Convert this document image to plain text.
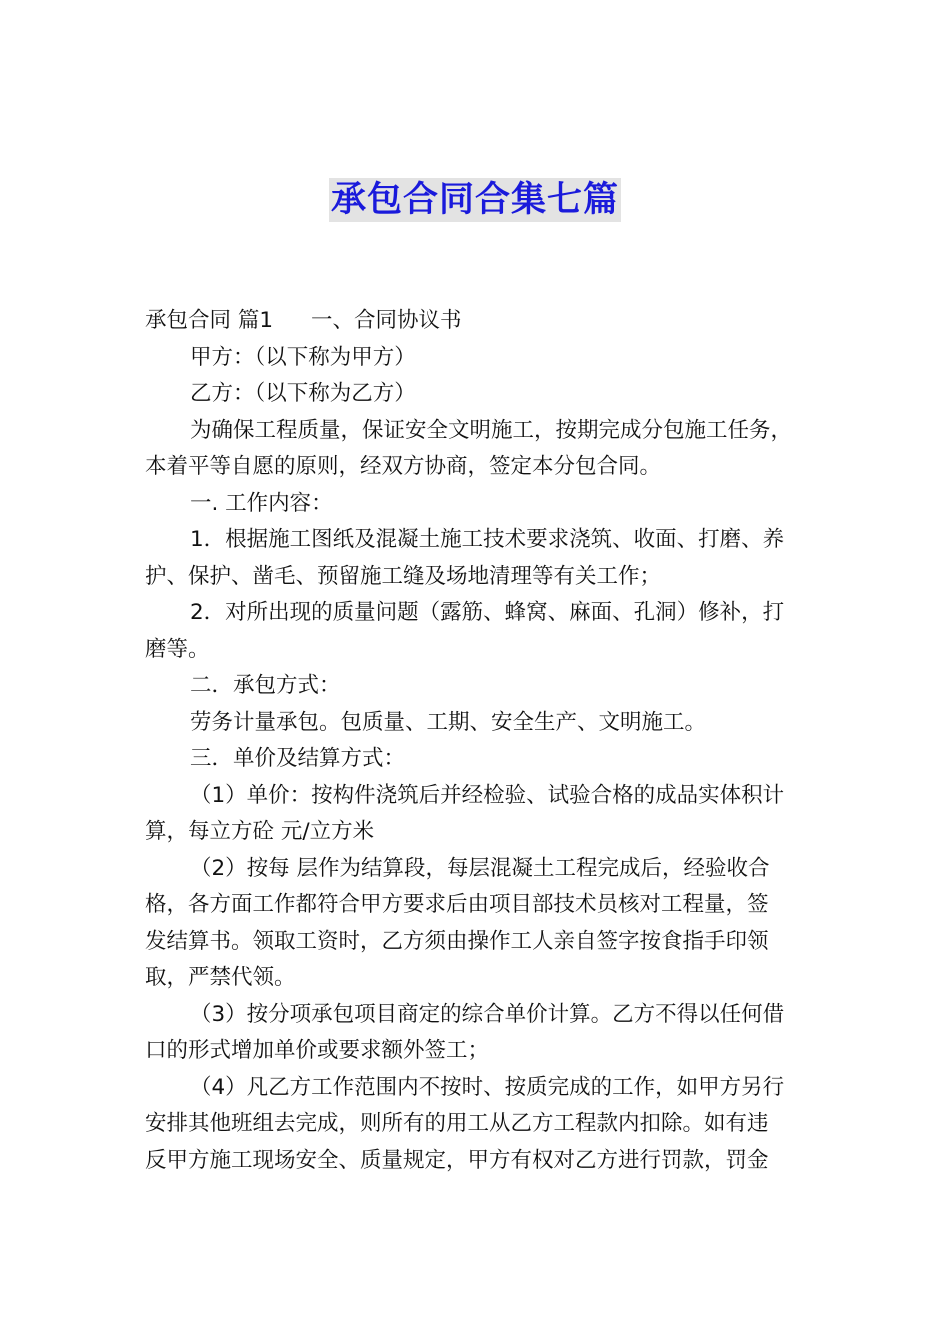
承包合同合集七篇

承包合同 篇1 一、合同协议书

甲方：（以下称为甲方）

乙方：（以下称为乙方）

为确保工程质量，保证安全文明施工，按期完成分包施工任务，

本着平等自愿的原则，经双方协商，签定本分包合同。

一. 工作内容：

1．根据施工图纸及混凝土施工技术要求浇筑、收面、打磨、养

护、保护、凿毛、预留施工缝及场地清理等有关工作；

2．对所出现的质量问题（露筋、蜂窝、麻面、孔洞）修补，打

磨等。

二．承包方式：

劳务计量承包。包质量、工期、安全生产、文明施工。

三．单价及结算方式：

（1）单价：按构件浇筑后并经检验、试验合格的成品实体积计

算，每立方砼 元/立方米

（2）按每 层作为结算段，每层混凝土工程完成后，经验收合

格，各方面工作都符合甲方要求后由项目部技术员核对工程量，签

发结算书。领取工资时，乙方须由操作工人亲自签字按食指手印领

取，严禁代领。

（3）按分项承包项目商定的综合单价计算。乙方不得以任何借

口的形式增加单价或要求额外签工；

（4）凡乙方工作范围内不按时、按质完成的工作，如甲方另行

安排其他班组去完成，则所有的用工从乙方工程款内扣除。如有违

反甲方施工现场安全、质量规定，甲方有权对乙方进行罚款，罚金
